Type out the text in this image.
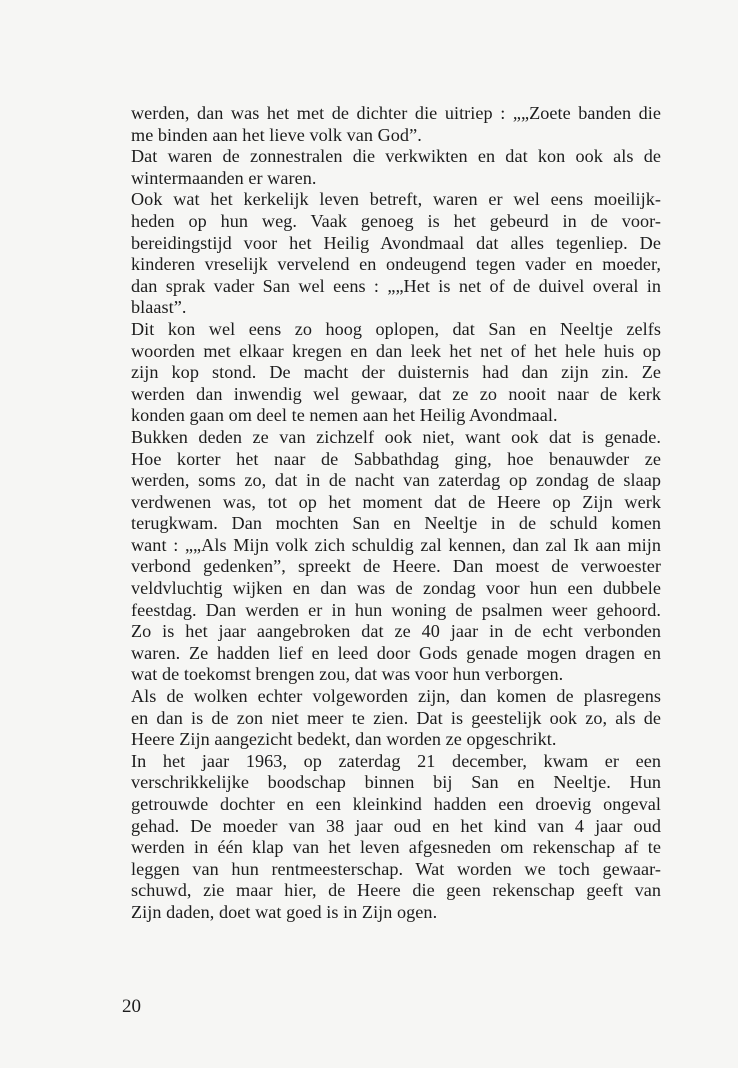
werden, dan was het met de dichter die uitriep : „„Zoete banden die
me binden aan het lieve volk van God”.
Dat waren de zonnestralen die verkwikten en dat kon ook als de
wintermaanden er waren.
Ook wat het kerkelijk leven betreft, waren er wel eens moeilijk-
heden op hun weg. Vaak genoeg is het gebeurd in de voor-
bereidingstijd voor het Heilig Avondmaal dat alles tegenliep. De
kinderen vreselijk vervelend en ondeugend tegen vader en moeder,
dan sprak vader San wel eens : „„Het is net of de duivel overal in
blaast”.
Dit kon wel eens zo hoog oplopen, dat San en Neeltje zelfs
woorden met elkaar kregen en dan leek het net of het hele huis op
zijn kop stond. De macht der duisternis had dan zijn zin. Ze
werden dan inwendig wel gewaar, dat ze zo nooit naar de kerk
konden gaan om deel te nemen aan het Heilig Avondmaal.
Bukken deden ze van zichzelf ook niet, want ook dat is genade.
Hoe korter het naar de Sabbathdag ging, hoe benauwder ze
werden, soms zo, dat in de nacht van zaterdag op zondag de slaap
verdwenen was, tot op het moment dat de Heere op Zijn werk
terugkwam. Dan mochten San en Neeltje in de schuld komen
want : „„Als Mijn volk zich schuldig zal kennen, dan zal Ik aan mijn
verbond gedenken”, spreekt de Heere. Dan moest de verwoester
veldvluchtig wijken en dan was de zondag voor hun een dubbele
feestdag. Dan werden er in hun woning de psalmen weer gehoord.
Zo is het jaar aangebroken dat ze 40 jaar in de echt verbonden
waren. Ze hadden lief en leed door Gods genade mogen dragen en
wat de toekomst brengen zou, dat was voor hun verborgen.
Als de wolken echter volgeworden zijn, dan komen de plasregens
en dan is de zon niet meer te zien. Dat is geestelijk ook zo, als de
Heere Zijn aangezicht bedekt, dan worden ze opgeschrikt.
In het jaar 1963, op zaterdag 21 december, kwam er een
verschrikkelijke boodschap binnen bij San en Neeltje. Hun
getrouwde dochter en een kleinkind hadden een droevig ongeval
gehad. De moeder van 38 jaar oud en het kind van 4 jaar oud
werden in één klap van het leven afgesneden om rekenschap af te
leggen van hun rentmeesterschap. Wat worden we toch gewaar-
schuwd, zie maar hier, de Heere die geen rekenschap geeft van
Zijn daden, doet wat goed is in Zijn ogen.
20
